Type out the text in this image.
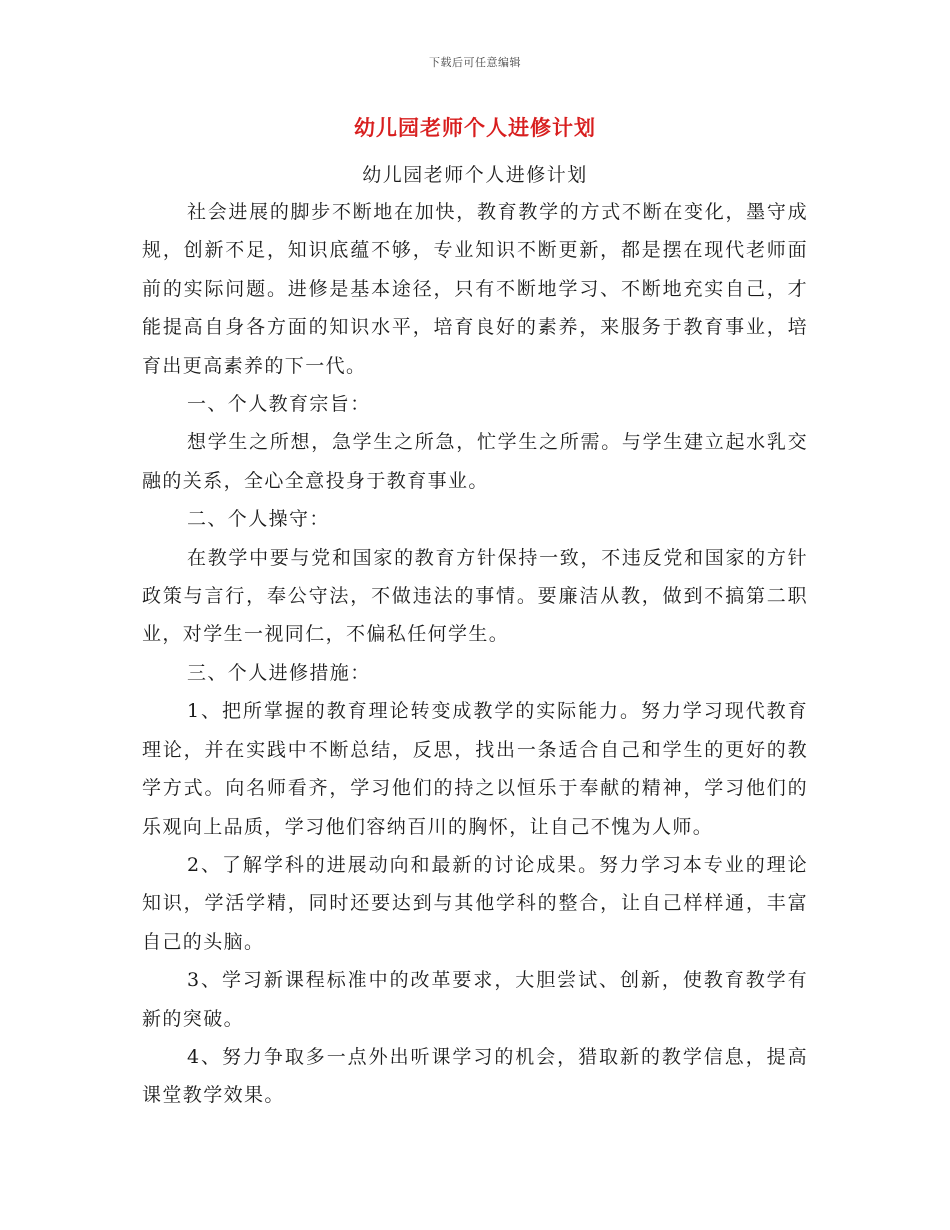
下载后可任意编辑
幼儿园老师个人进修计划
幼儿园老师个人进修计划

社会进展的脚步不断地在加快，教育教学的方式不断在变化，墨守成规，创新不足，知识底蕴不够，专业知识不断更新，都是摆在现代老师面前的实际问题。进修是基本途径，只有不断地学习、不断地充实自己，才能提高自身各方面的知识水平，培育良好的素养，来服务于教育事业，培育出更高素养的下一代。

一、个人教育宗旨：

想学生之所想，急学生之所急，忙学生之所需。与学生建立起水乳交融的关系，全心全意投身于教育事业。

二、个人操守：

在教学中要与党和国家的教育方针保持一致，不违反党和国家的方针政策与言行，奉公守法，不做违法的事情。要廉洁从教，做到不搞第二职业，对学生一视同仁，不偏私任何学生。

三、个人进修措施：

1、把所掌握的教育理论转变成教学的实际能力。努力学习现代教育理论，并在实践中不断总结，反思，找出一条适合自己和学生的更好的教学方式。向名师看齐，学习他们的持之以恒乐于奉献的精神，学习他们的乐观向上品质，学习他们容纳百川的胸怀，让自己不愧为人师。

2、了解学科的进展动向和最新的讨论成果。努力学习本专业的理论知识，学活学精，同时还要达到与其他学科的整合，让自己样样通，丰富自己的头脑。

3、学习新课程标准中的改革要求，大胆尝试、创新，使教育教学有新的突破。

4、努力争取多一点外出听课学习的机会，猎取新的教学信息，提高课堂教学效果。
